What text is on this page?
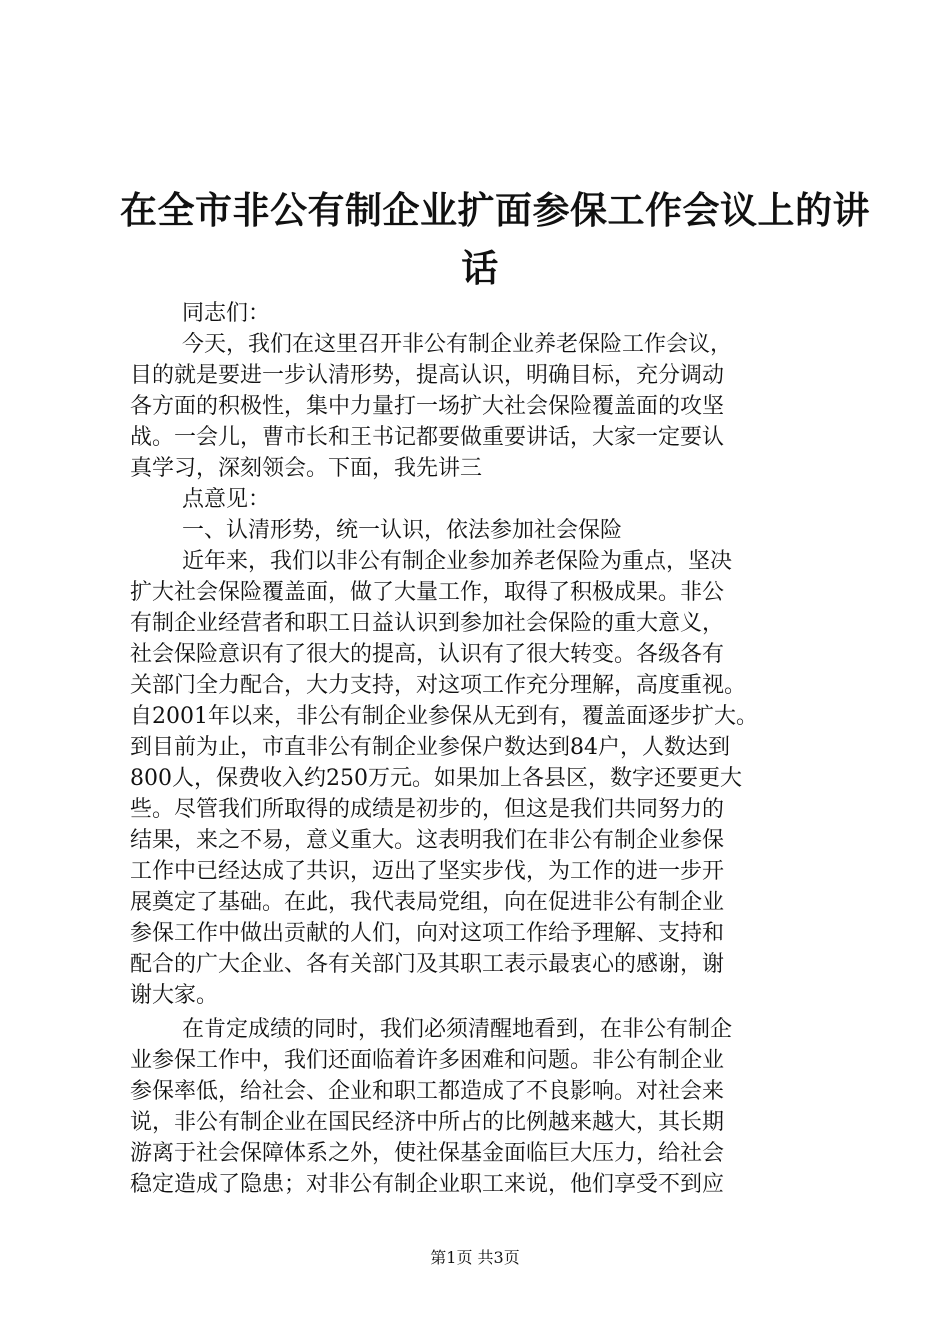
在全市非公有制企业扩面参保工作会议上的讲
话
同志们：
今天，我们在这里召开非公有制企业养老保险工作会议，
目的就是要进一步认清形势，提高认识，明确目标，充分调动
各方面的积极性，集中力量打一场扩大社会保险覆盖面的攻坚
战。一会儿，曹市长和王书记都要做重要讲话，大家一定要认
真学习，深刻领会。下面，我先讲三
点意见：
一、认清形势，统一认识，依法参加社会保险
近年来，我们以非公有制企业参加养老保险为重点，坚决
扩大社会保险覆盖面，做了大量工作，取得了积极成果。非公
有制企业经营者和职工日益认识到参加社会保险的重大意义，
社会保险意识有了很大的提高，认识有了很大转变。各级各有
关部门全力配合，大力支持，对这项工作充分理解，高度重视。
自2001年以来，非公有制企业参保从无到有，覆盖面逐步扩大。
到目前为止，市直非公有制企业参保户数达到84户，人数达到
800人，保费收入约250万元。如果加上各县区，数字还要更大
些。尽管我们所取得的成绩是初步的，但这是我们共同努力的
结果，来之不易，意义重大。这表明我们在非公有制企业参保
工作中已经达成了共识，迈出了坚实步伐，为工作的进一步开
展奠定了基础。在此，我代表局党组，向在促进非公有制企业
参保工作中做出贡献的人们，向对这项工作给予理解、支持和
配合的广大企业、各有关部门及其职工表示最衷心的感谢，谢
谢大家。
在肯定成绩的同时，我们必须清醒地看到，在非公有制企
业参保工作中，我们还面临着许多困难和问题。非公有制企业
参保率低，给社会、企业和职工都造成了不良影响。对社会来
说，非公有制企业在国民经济中所占的比例越来越大，其长期
游离于社会保障体系之外，使社保基金面临巨大压力，给社会
稳定造成了隐患；对非公有制企业职工来说，他们享受不到应
第1页 共3页
